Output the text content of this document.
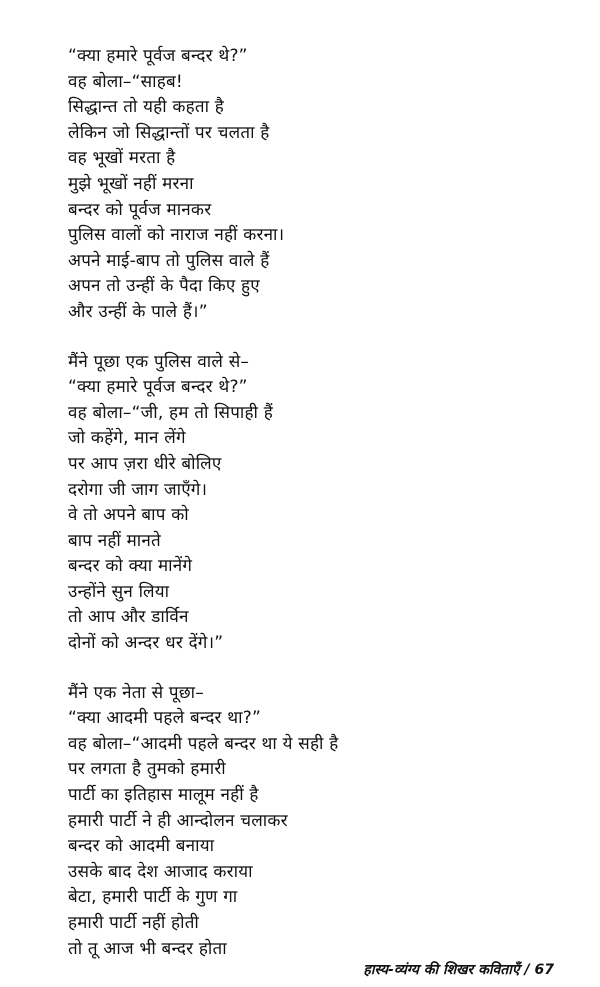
“क्या हमारे पूर्वज बन्दर थे?”
वह बोला–“साहब!
सिद्धान्त तो यही कहता है
लेकिन जो सिद्धान्तों पर चलता है
वह भूखों मरता है
मुझे भूखों नहीं मरना
बन्दर को पूर्वज मानकर
पुलिस वालों को नाराज नहीं करना।
अपने माई-बाप तो पुलिस वाले हैं
अपन तो उन्हीं के पैदा किए हुए
और उन्हीं के पाले हैं।”
मैंने पूछा एक पुलिस वाले से–
“क्या हमारे पूर्वज बन्दर थे?”
वह बोला–“जी, हम तो सिपाही हैं
जो कहेंगे, मान लेंगे
पर आप ज़रा धीरे बोलिए
दरोगा जी जाग जाएँगे।
वे तो अपने बाप को
बाप नहीं मानते
बन्दर को क्या मानेंगे
उन्होंने सुन लिया
तो आप और डार्विन
दोनों को अन्दर धर देंगे।”
मैंने एक नेता से पूछा–
“क्या आदमी पहले बन्दर था?”
वह बोला–“आदमी पहले बन्दर था ये सही है
पर लगता है तुमको हमारी
पार्टी का इतिहास मालूम नहीं है
हमारी पार्टी ने ही आन्दोलन चलाकर
बन्दर को आदमी बनाया
उसके बाद देश आजाद कराया
बेटा, हमारी पार्टी के गुण गा
हमारी पार्टी नहीं होती
तो तू आज भी बन्दर होता
हास्य-व्यंग्य की शिखर कविताएँ / 67
